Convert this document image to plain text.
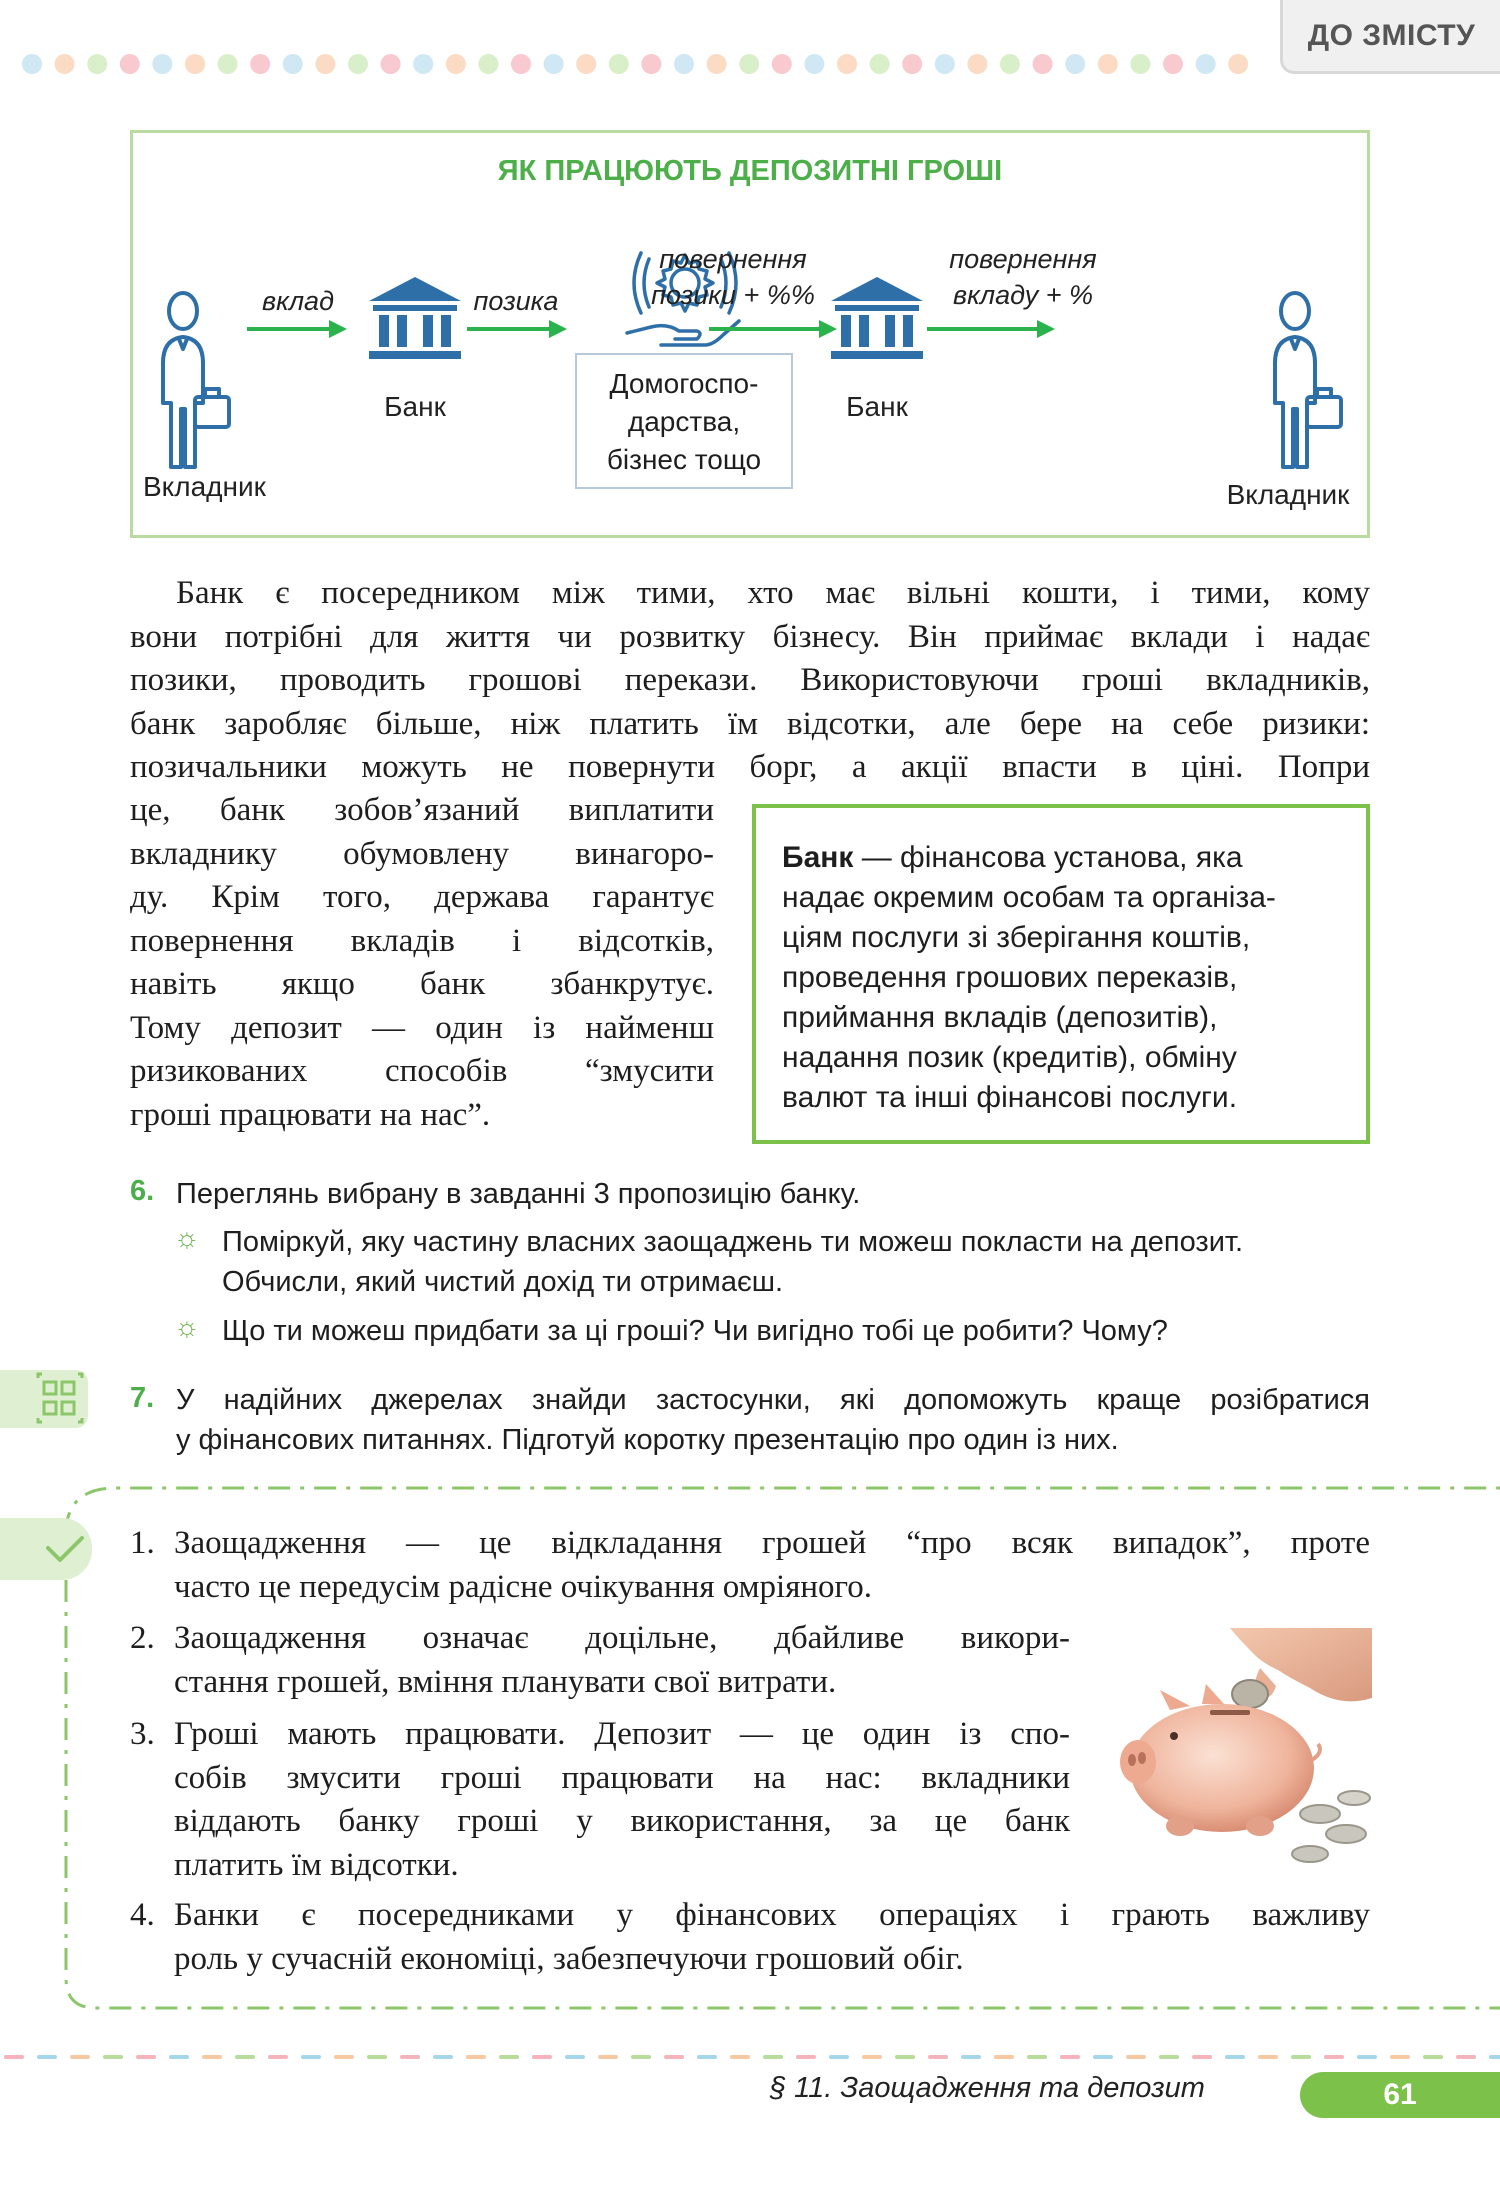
ДО ЗМІСТУ
ЯК ПРАЦЮЮТЬ ДЕПОЗИТНІ ГРОШІ
Вкладник
вклад
Банк
позика
Домогоспо-
дарства,
бізнес тощо
повернення
позики + %%
Банк
повернення
вкладу + %
Вкладник
Банк є посередником між тими, хто має вільні кошти, і тими, кому
вони потрібні для життя чи розвитку бізнесу. Він приймає вклади і надає
позики, проводить грошові перекази. Використовуючи гроші вкладників,
банк заробляє більше, ніж платить їм відсотки, але бере на себе ризики:
позичальники можуть не повернути борг, а акції впасти в ціні. Попри
це, банк зобов’язаний виплатити
вкладнику обумовлену винагоро-
ду. Крім того, держава гарантує
повернення вкладів і відсотків,
навіть якщо банк збанкрутує.
Тому депозит — один із найменш
ризикованих способів “змусити
гроші працювати на нас”.
Банк — фінансова установа, яка
надає окремим особам та організа-
ціям послуги зі зберігання коштів,
проведення грошових переказів,
приймання вкладів (депозитів),
надання позик (кредитів), обміну
валют та інші фінансові послуги.
6. Переглянь вибрану в завданні 3 пропозицію банку.
☼ Поміркуй, яку частину власних заощаджень ти можеш покласти на депозит.
Обчисли, який чистий дохід ти отримаєш.
☼ Що ти можеш придбати за ці гроші? Чи вигідно тобі це робити? Чому?
7. У надійних джерелах знайди застосунки, які допоможуть краще розібратися
у фінансових питаннях. Підготуй коротку презентацію про один із них.
1. Заощадження — це відкладання грошей “про всяк випадок”, проте
часто це передусім радісне очікування омріяного.
2. Заощадження означає доцільне, дбайливе викори-
стання грошей, вміння планувати свої витрати.
3. Гроші мають працювати. Депозит — це один із спо-
собів змусити гроші працювати на нас: вкладники
віддають банку гроші у використання, за це банк
платить їм відсотки.
4. Банки є посередниками у фінансових операціях і грають важливу
роль у сучасній економіці, забезпечуючи грошовий обіг.
§ 11. Заощадження та депозит	61
